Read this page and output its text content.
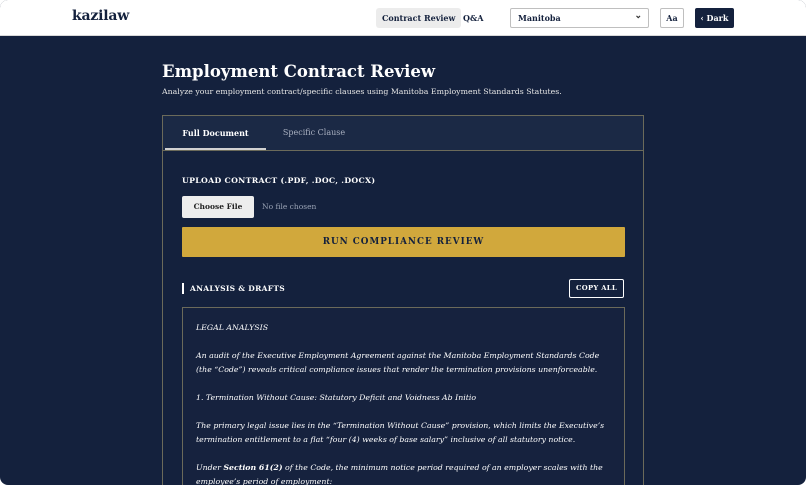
kazilaw	Contract Review Q&A	Manitoba	⌄	Aa	‹ Dark
Employment Contract Review
Analyze your employment contract/specific clauses using Manitoba Employment Standards Statutes.
Full Document	Specific Clause
UPLOAD CONTRACT (.PDF, .DOC, .DOCX)
Choose File	No file chosen
RUN COMPLIANCE REVIEW
ANALYSIS & DRAFTS	COPY ALL

LEGAL ANALYSIS

An audit of the Executive Employment Agreement against the Manitoba Employment Standards Code (the “Code”) reveals critical compliance issues that render the termination provisions unenforceable.

1. Termination Without Cause: Statutory Deficit and Voidness Ab Initio

The primary legal issue lies in the “Termination Without Cause” provision, which limits the Executive’s termination entitlement to a flat “four (4) weeks of base salary” inclusive of all statutory notice.

Under Section 61(2) of the Code, the minimum notice period required of an employer scales with the employee’s period of employment:
